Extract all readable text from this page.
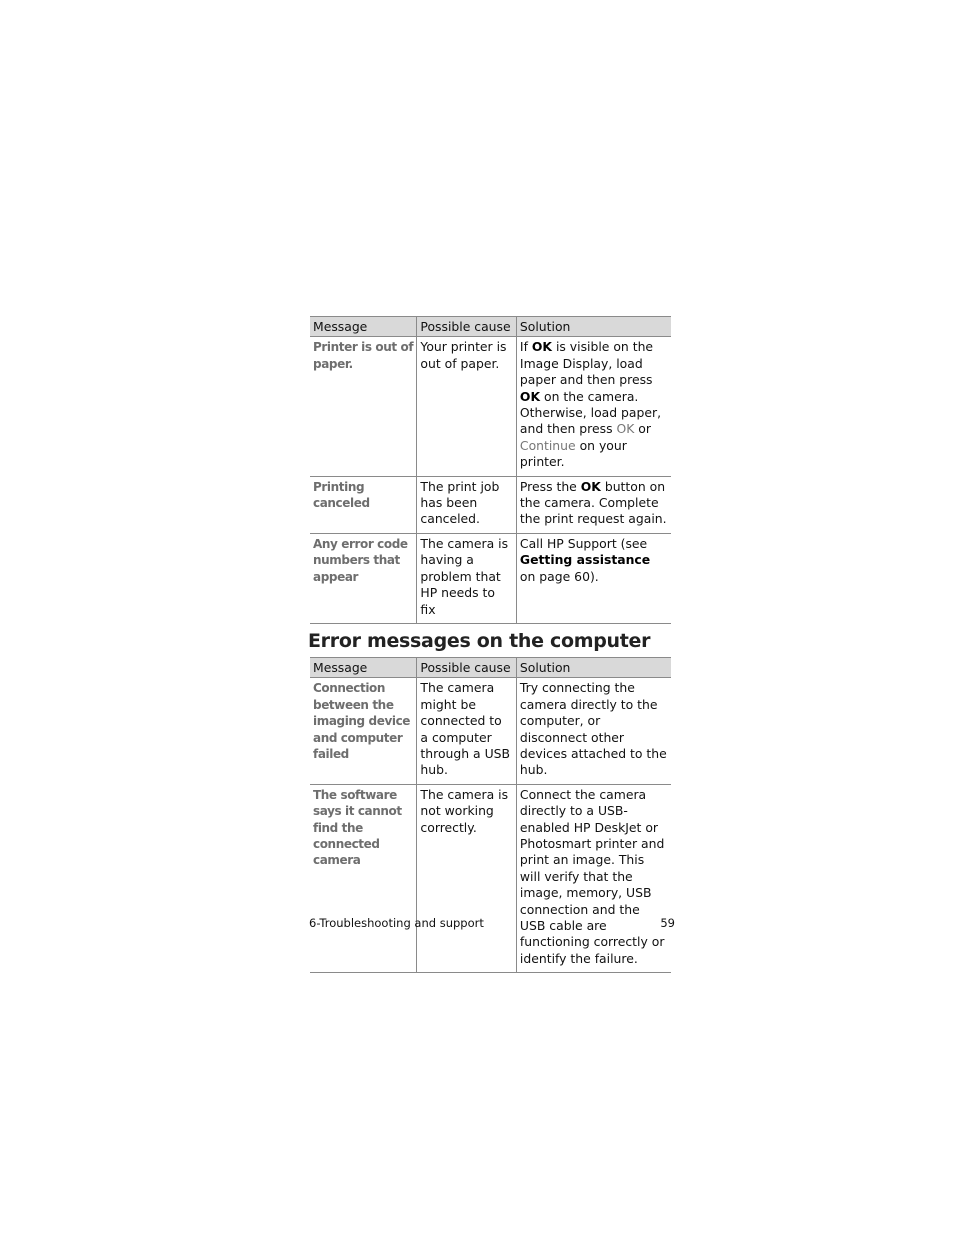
Message	Possible cause	Solution
Printer is out of paper.	Your printer is out of paper.	If OK is visible on the Image Display, load paper and then press OK on the camera. Otherwise, load paper, and then press OK or Continue on your printer.
Printing canceled	The print job has been canceled.	Press the OK button on the camera. Complete the print request again.
Any error code numbers that appear	The camera is having a problem that HP needs to fix	Call HP Support (see Getting assistance on page 60).
Error messages on the computer
Message	Possible cause	Solution
Connection between the imaging device and computer failed	The camera might be connected to a computer through a USB hub.	Try connecting the camera directly to the computer, or disconnect other devices attached to the hub.
The software says it cannot find the connected camera	The camera is not working correctly.	Connect the camera directly to a USB-enabled HP DeskJet or Photosmart printer and print an image. This will verify that the image, memory, USB connection and the USB cable are functioning correctly or identify the failure.
6-Troubleshooting and support	59
